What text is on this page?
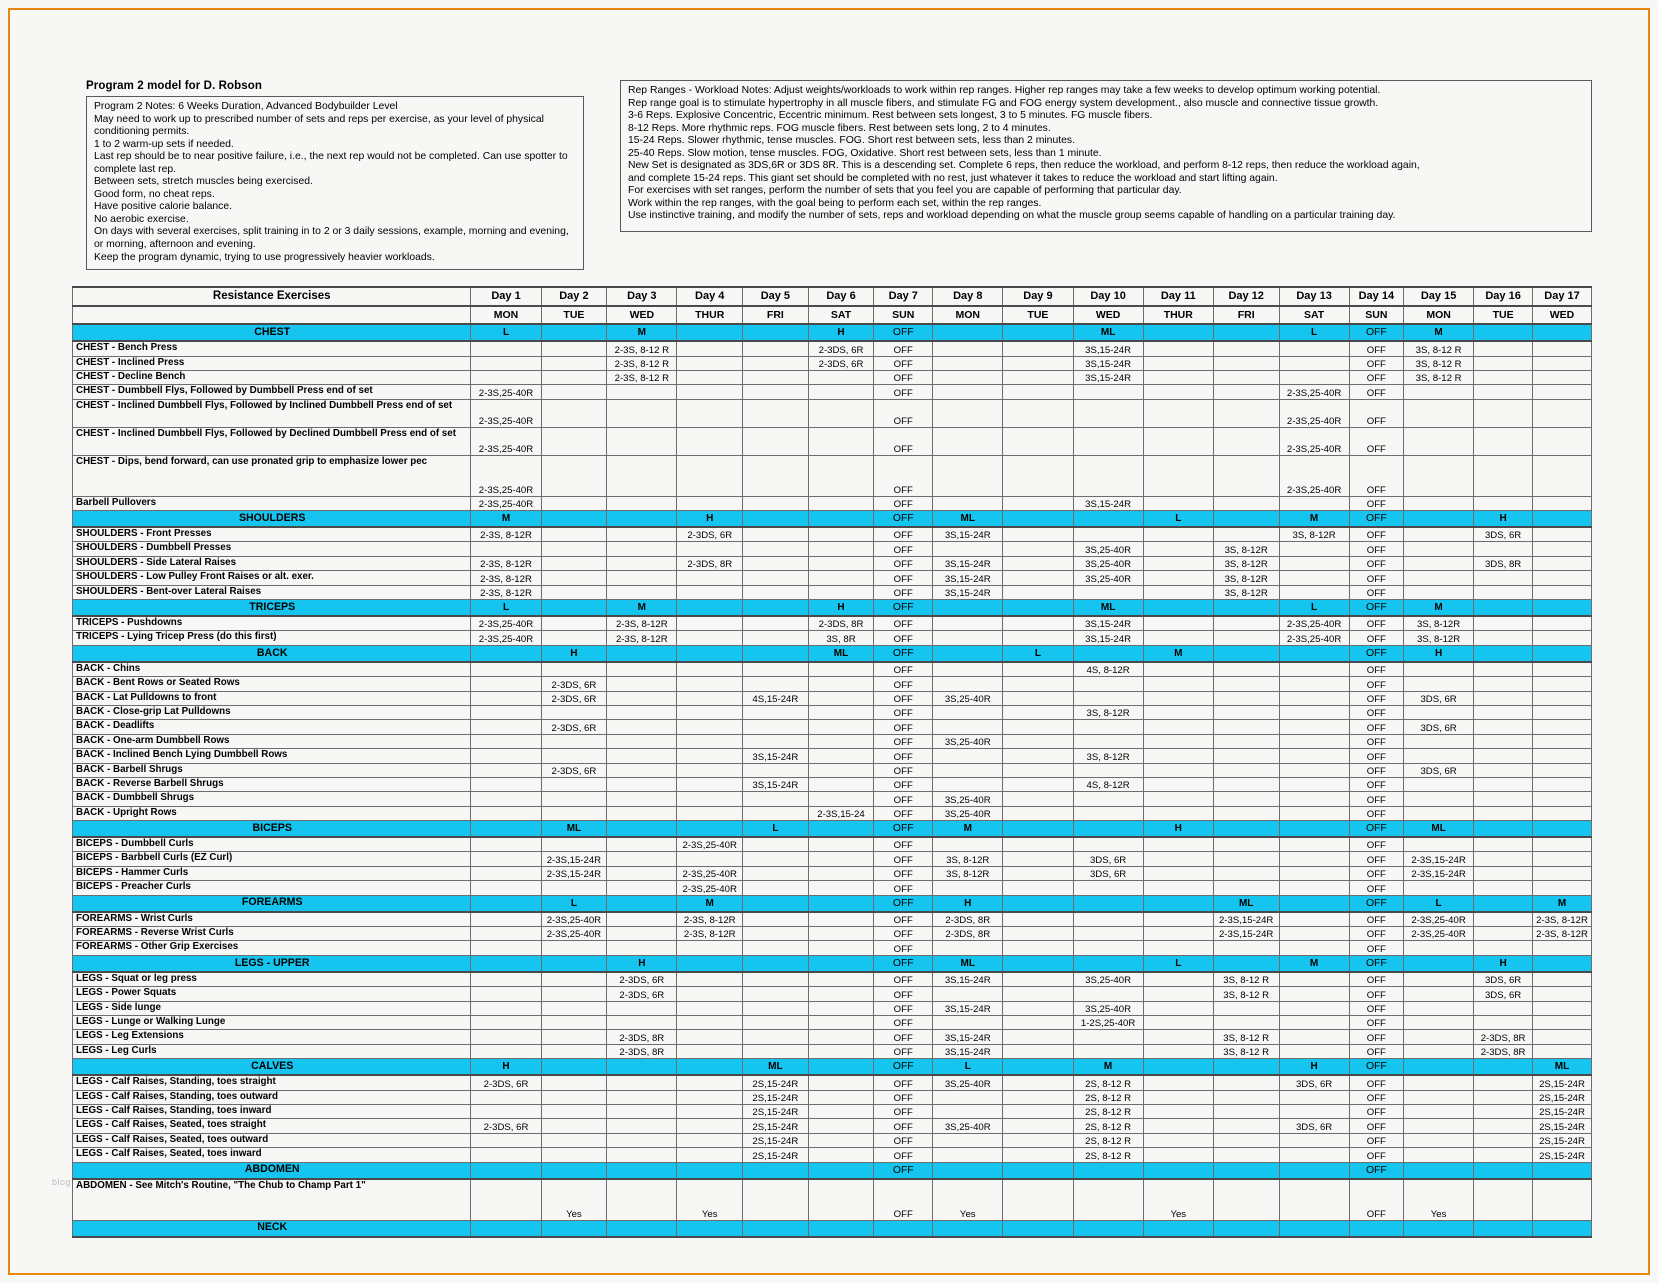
Program 2 model for D. Robson

Program 2 Notes: 6 Weeks Duration, Advanced Bodybuilder Level

May need to work up to prescribed number of sets and reps per exercise, as your level of physical conditioning permits.

1 to 2 warm-up sets if needed.

Last rep should be to near positive failure, i.e., the next rep would not be completed. Can use spotter to complete last rep.

Between sets, stretch muscles being exercised.

Good form, no cheat reps.

Have positive calorie balance.

No aerobic exercise.

On days with several exercises, split training in to 2 or 3 daily sessions, example, morning and evening, or morning, afternoon and evening.

Keep the program dynamic, trying to use progressively heavier workloads.

Rep Ranges - Workload Notes: Adjust weights/workloads to work within rep ranges. Higher rep ranges may take a few weeks to develop optimum working potential.

Rep range goal is to stimulate hypertrophy in all muscle fibers, and stimulate FG and FOG energy system development., also muscle and connective tissue growth.

3-6 Reps. Explosive Concentric, Eccentric minimum. Rest between sets longest, 3 to 5 minutes. FG muscle fibers.

8-12 Reps. More rhythmic reps. FOG muscle fibers. Rest between sets long, 2 to 4 minutes.

15-24 Reps. Slower rhythmic, tense muscles. FOG. Short rest between sets, less than 2 minutes.

25-40 Reps. Slow motion, tense muscles. FOG, Oxidative. Short rest between sets, less than 1 minute.

New Set is designated as 3DS,6R or 3DS 8R. This is a descending set. Complete 6 reps, then reduce the workload, and perform 8-12 reps, then reduce the workload again,

and complete 15-24 reps. This giant set should be completed with no rest, just whatever it takes to reduce the workload and start lifting again.

For exercises with set ranges, perform the number of sets that you feel you are capable of performing that particular day.

Work within the rep ranges, with the goal being to perform each set, within the rep ranges.

Use instinctive training, and modify the number of sets, reps and workload depending on what the muscle group seems capable of handling on a particular training day.

Resistance Exercises	Day 1	Day 2	Day 3	Day 4	Day 5	Day 6	Day 7	Day 8	Day 9	Day 10	Day 11	Day 12	Day 13	Day 14	Day 15	Day 16	Day 17
	MON	TUE	WED	THUR	FRI	SAT	SUN	MON	TUE	WED	THUR	FRI	SAT	SUN	MON	TUE	WED
CHEST	L		M			H	OFF			ML			L	OFF	M		
CHEST - Bench Press			2-3S, 8-12 R			2-3DS, 6R	OFF			3S,15-24R				OFF	3S, 8-12 R		
CHEST - Inclined Press			2-3S, 8-12 R			2-3DS, 6R	OFF			3S,15-24R				OFF	3S, 8-12 R		
CHEST - Decline Bench			2-3S, 8-12 R				OFF			3S,15-24R				OFF	3S, 8-12 R		
CHEST - Dumbbell Flys, Followed by Dumbbell Press end of set	2-3S,25-40R						OFF						2-3S,25-40R	OFF			
CHEST - Inclined Dumbbell Flys, Followed by Inclined Dumbbell Press end of set	2-3S,25-40R						OFF						2-3S,25-40R	OFF			
CHEST - Inclined Dumbbell Flys, Followed by Declined Dumbbell Press end of set	2-3S,25-40R						OFF						2-3S,25-40R	OFF			
CHEST - Dips, bend forward, can use pronated grip to emphasize lower pec	2-3S,25-40R						OFF						2-3S,25-40R	OFF			
Barbell Pullovers	2-3S,25-40R						OFF			3S,15-24R				OFF			
SHOULDERS	M			H			OFF	ML			L		M	OFF		H	
SHOULDERS - Front Presses	2-3S, 8-12R			2-3DS, 6R			OFF	3S,15-24R					3S, 8-12R	OFF		3DS, 6R	
SHOULDERS - Dumbbell Presses							OFF			3S,25-40R		3S, 8-12R		OFF			
SHOULDERS - Side Lateral Raises	2-3S, 8-12R			2-3DS, 8R			OFF	3S,15-24R		3S,25-40R		3S, 8-12R		OFF		3DS, 8R	
SHOULDERS - Low Pulley Front Raises or alt. exer.	2-3S, 8-12R						OFF	3S,15-24R		3S,25-40R		3S, 8-12R		OFF			
SHOULDERS - Bent-over Lateral Raises	2-3S, 8-12R						OFF	3S,15-24R				3S, 8-12R		OFF			
TRICEPS	L		M			H	OFF			ML			L	OFF	M		
TRICEPS - Pushdowns	2-3S,25-40R		2-3S, 8-12R			2-3DS, 8R	OFF			3S,15-24R			2-3S,25-40R	OFF	3S, 8-12R		
TRICEPS - Lying Tricep Press (do this first)	2-3S,25-40R		2-3S, 8-12R			3S, 8R	OFF			3S,15-24R			2-3S,25-40R	OFF	3S, 8-12R		
BACK		H				ML	OFF		L		M			OFF	H		
BACK - Chins							OFF			4S, 8-12R				OFF			
BACK - Bent Rows or Seated Rows		2-3DS, 6R					OFF							OFF			
BACK - Lat Pulldowns to front		2-3DS, 6R			4S,15-24R		OFF	3S,25-40R						OFF	3DS, 6R		
BACK - Close-grip Lat Pulldowns							OFF			3S, 8-12R				OFF			
BACK - Deadlifts		2-3DS, 6R					OFF							OFF	3DS, 6R		
BACK - One-arm Dumbbell Rows							OFF	3S,25-40R						OFF			
BACK - Inclined Bench Lying Dumbbell Rows					3S,15-24R		OFF			3S, 8-12R				OFF			
BACK - Barbell Shrugs		2-3DS, 6R					OFF							OFF	3DS, 6R		
BACK - Reverse Barbell Shrugs					3S,15-24R		OFF			4S, 8-12R				OFF			
BACK - Dumbbell Shrugs							OFF	3S,25-40R						OFF			
BACK - Upright Rows						2-3S,15-24	OFF	3S,25-40R						OFF			
BICEPS		ML			L		OFF	M			H			OFF	ML		
BICEPS - Dumbbell Curls				2-3S,25-40R			OFF							OFF			
BICEPS - Barbbell Curls (EZ Curl)		2-3S,15-24R					OFF	3S, 8-12R		3DS, 6R				OFF	2-3S,15-24R		
BICEPS - Hammer Curls		2-3S,15-24R		2-3S,25-40R			OFF	3S, 8-12R		3DS, 6R				OFF	2-3S,15-24R		
BICEPS - Preacher Curls				2-3S,25-40R			OFF							OFF			
FOREARMS		L		M			OFF	H				ML		OFF	L		M
FOREARMS - Wrist Curls		2-3S,25-40R		2-3S, 8-12R			OFF	2-3DS, 8R				2-3S,15-24R		OFF	2-3S,25-40R		2-3S, 8-12R
FOREARMS - Reverse Wrist Curls		2-3S,25-40R		2-3S, 8-12R			OFF	2-3DS, 8R				2-3S,15-24R		OFF	2-3S,25-40R		2-3S, 8-12R
FOREARMS - Other Grip Exercises							OFF							OFF			
LEGS - UPPER			H				OFF	ML			L		M	OFF		H	
LEGS - Squat or leg press			2-3DS, 6R				OFF	3S,15-24R		3S,25-40R		3S, 8-12 R		OFF		3DS, 6R	
LEGS - Power Squats			2-3DS, 6R				OFF					3S, 8-12 R		OFF		3DS, 6R	
LEGS - Side lunge							OFF	3S,15-24R		3S,25-40R				OFF			
LEGS - Lunge or Walking Lunge							OFF			1-2S,25-40R				OFF			
LEGS - Leg Extensions			2-3DS, 8R				OFF	3S,15-24R				3S, 8-12 R		OFF		2-3DS, 8R	
LEGS - Leg Curls			2-3DS, 8R				OFF	3S,15-24R				3S, 8-12 R		OFF		2-3DS, 8R	
CALVES	H				ML		OFF	L		M			H	OFF			ML
LEGS - Calf Raises, Standing, toes straight	2-3DS, 6R				2S,15-24R		OFF	3S,25-40R		2S, 8-12 R			3DS, 6R	OFF			2S,15-24R
LEGS - Calf Raises, Standing, toes outward					2S,15-24R		OFF			2S, 8-12 R				OFF			2S,15-24R
LEGS - Calf Raises, Standing, toes inward					2S,15-24R		OFF			2S, 8-12 R				OFF			2S,15-24R
LEGS - Calf Raises, Seated, toes straight	2-3DS, 6R				2S,15-24R		OFF	3S,25-40R		2S, 8-12 R			3DS, 6R	OFF			2S,15-24R
LEGS - Calf Raises, Seated, toes outward					2S,15-24R		OFF			2S, 8-12 R				OFF			2S,15-24R
LEGS - Calf Raises, Seated, toes inward					2S,15-24R		OFF			2S, 8-12 R				OFF			2S,15-24R
ABDOMEN							OFF							OFF			
ABDOMEN - See Mitch's Routine, "The Chub to Champ Part 1"		Yes		Yes			OFF	Yes			Yes			OFF	Yes		
NECK																	
blog
